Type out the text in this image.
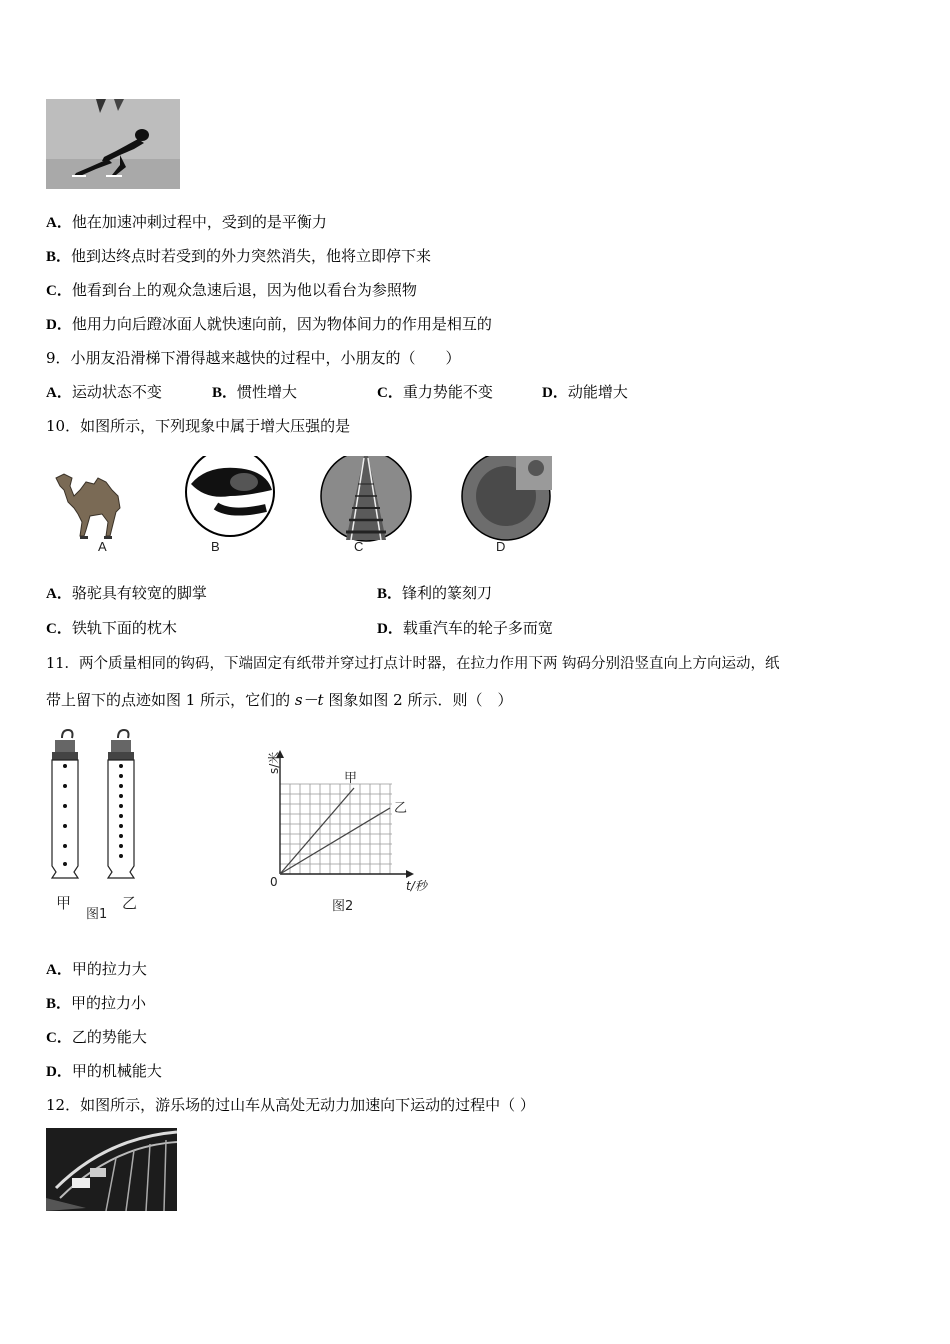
A．他在加速冲刺过程中，受到的是平衡力
B．他到达终点时若受到的外力突然消失，他将立即停下来
C．他看到台上的观众急速后退，因为他以看台为参照物
D．他用力向后蹬冰面人就快速向前，因为物体间力的作用是相互的
9．小朋友沿滑梯下滑得越来越快的过程中，小朋友的（　　）
A．运动状态不变	B．惯性增大	C．重力势能不变	D．动能增大
10．如图所示，下列现象中属于增大压强的是
A	B	C	D
A．骆驼具有较宽的脚掌	B．锋利的篆刻刀
C．铁轨下面的枕木	D．载重汽车的轮子多而宽
11．两个质量相同的钩码，下端固定有纸带并穿过打点计时器，在拉力作用下两 钩码分别沿竖直向上方向运动，纸
带上留下的点迹如图 1 所示，它们的 s－t 图象如图 2 所示．则（　）
甲
图1
乙
s/米
0	t/秒
甲
乙
图2
A．甲的拉力大
B．甲的拉力小
C．乙的势能大
D．甲的机械能大
12．如图所示，游乐场的过山车从高处无动力加速向下运动的过程中（ ）
